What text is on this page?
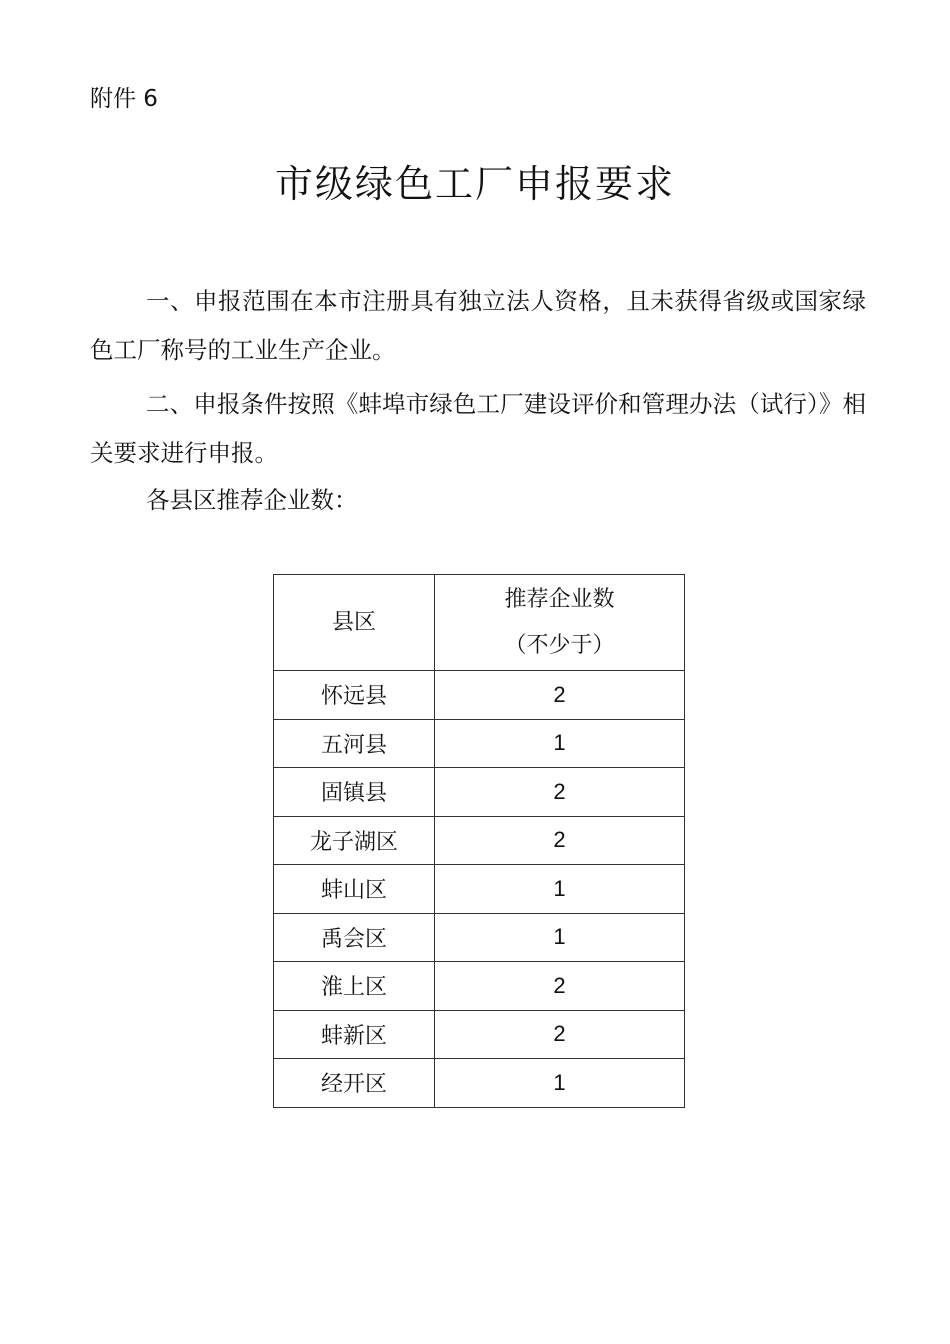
附件 6
市级绿色工厂申报要求

一、申报范围在本市注册具有独立法人资格，且未获得省级或国家绿色工厂称号的工业生产企业。

二、申报条件按照《蚌埠市绿色工厂建设评价和管理办法（试行）》相关要求进行申报。

各县区推荐企业数：

县区	推荐企业数
（不少于）
怀远县	2
五河县	1
固镇县	2
龙子湖区	2
蚌山区	1
禹会区	1
淮上区	2
蚌新区	2
经开区	1
